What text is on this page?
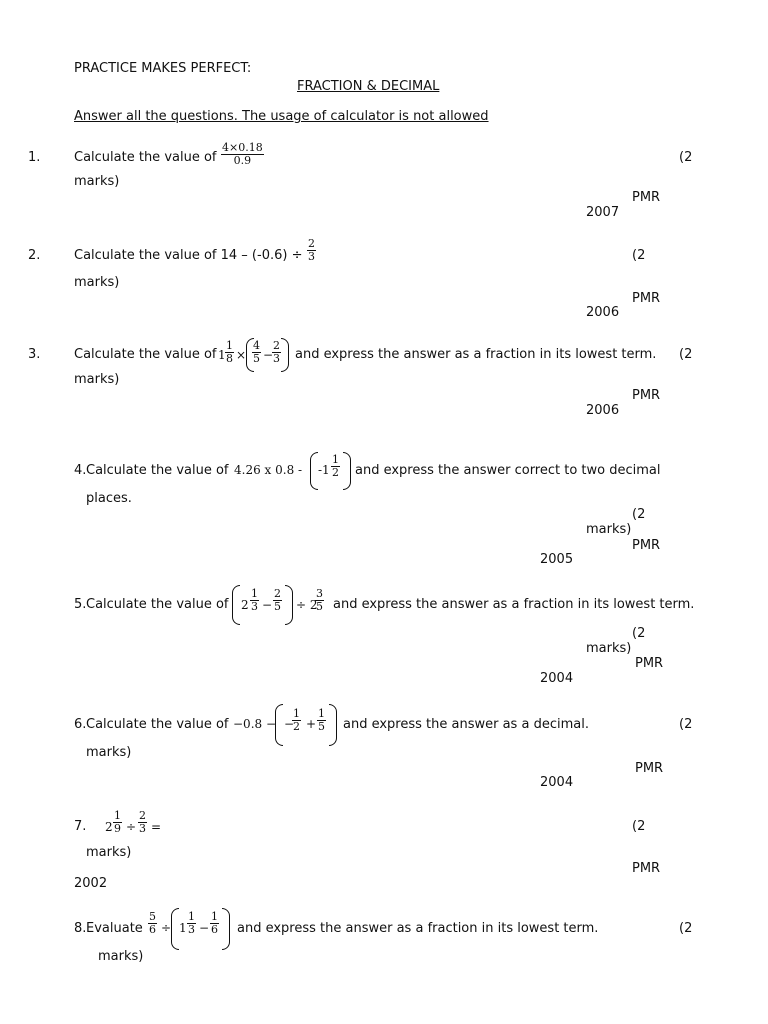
PRACTICE MAKES PERFECT:
FRACTION & DECIMAL
Answer all the questions. The usage of calculator is not allowed
1.	Calculate the value of $\frac{4\times 0.18}{0.9}$	(2
marks)
PMR
2007
2.	Calculate the value of $14 - (-0.6) \div \frac{2}{3}$	(2
marks)
PMR
2006
3.	Calculate the value of $1 \frac{1}{8} \times \frac{4}{5}$ −
$\frac{2}{3}$ and express the answer as a fraction in its lowest term. (2
marks)
PMR
2006
4. Calculate the value of 4.26 x $0.8 - -1 \frac{1}{2}$ and express the answer correct to two decimal
places.
(2
marks)
PMR
2005
5. Calculate the value of $2 \frac{1}{3} - \frac{2}{5} \div 2$
$\frac{3}{5}$ and express the answer as a fraction in its lowest term.
(2
marks)
PMR
2004
6. Calculate the value of −0.8 − −
$\frac{1}{2} + \frac{1}{5}$ and express the answer as a decimal.	(2
marks)
PMR
2004
7. $2 \frac{1}{9} \div \frac{2}{3}$ =	(2
marks)
PMR
2002
8. Evaluate $\frac{5}{6} \div 1 \frac{1}{3} - \frac{1}{6}$ and express the answer as a fraction in its lowest term.	(2
marks)
